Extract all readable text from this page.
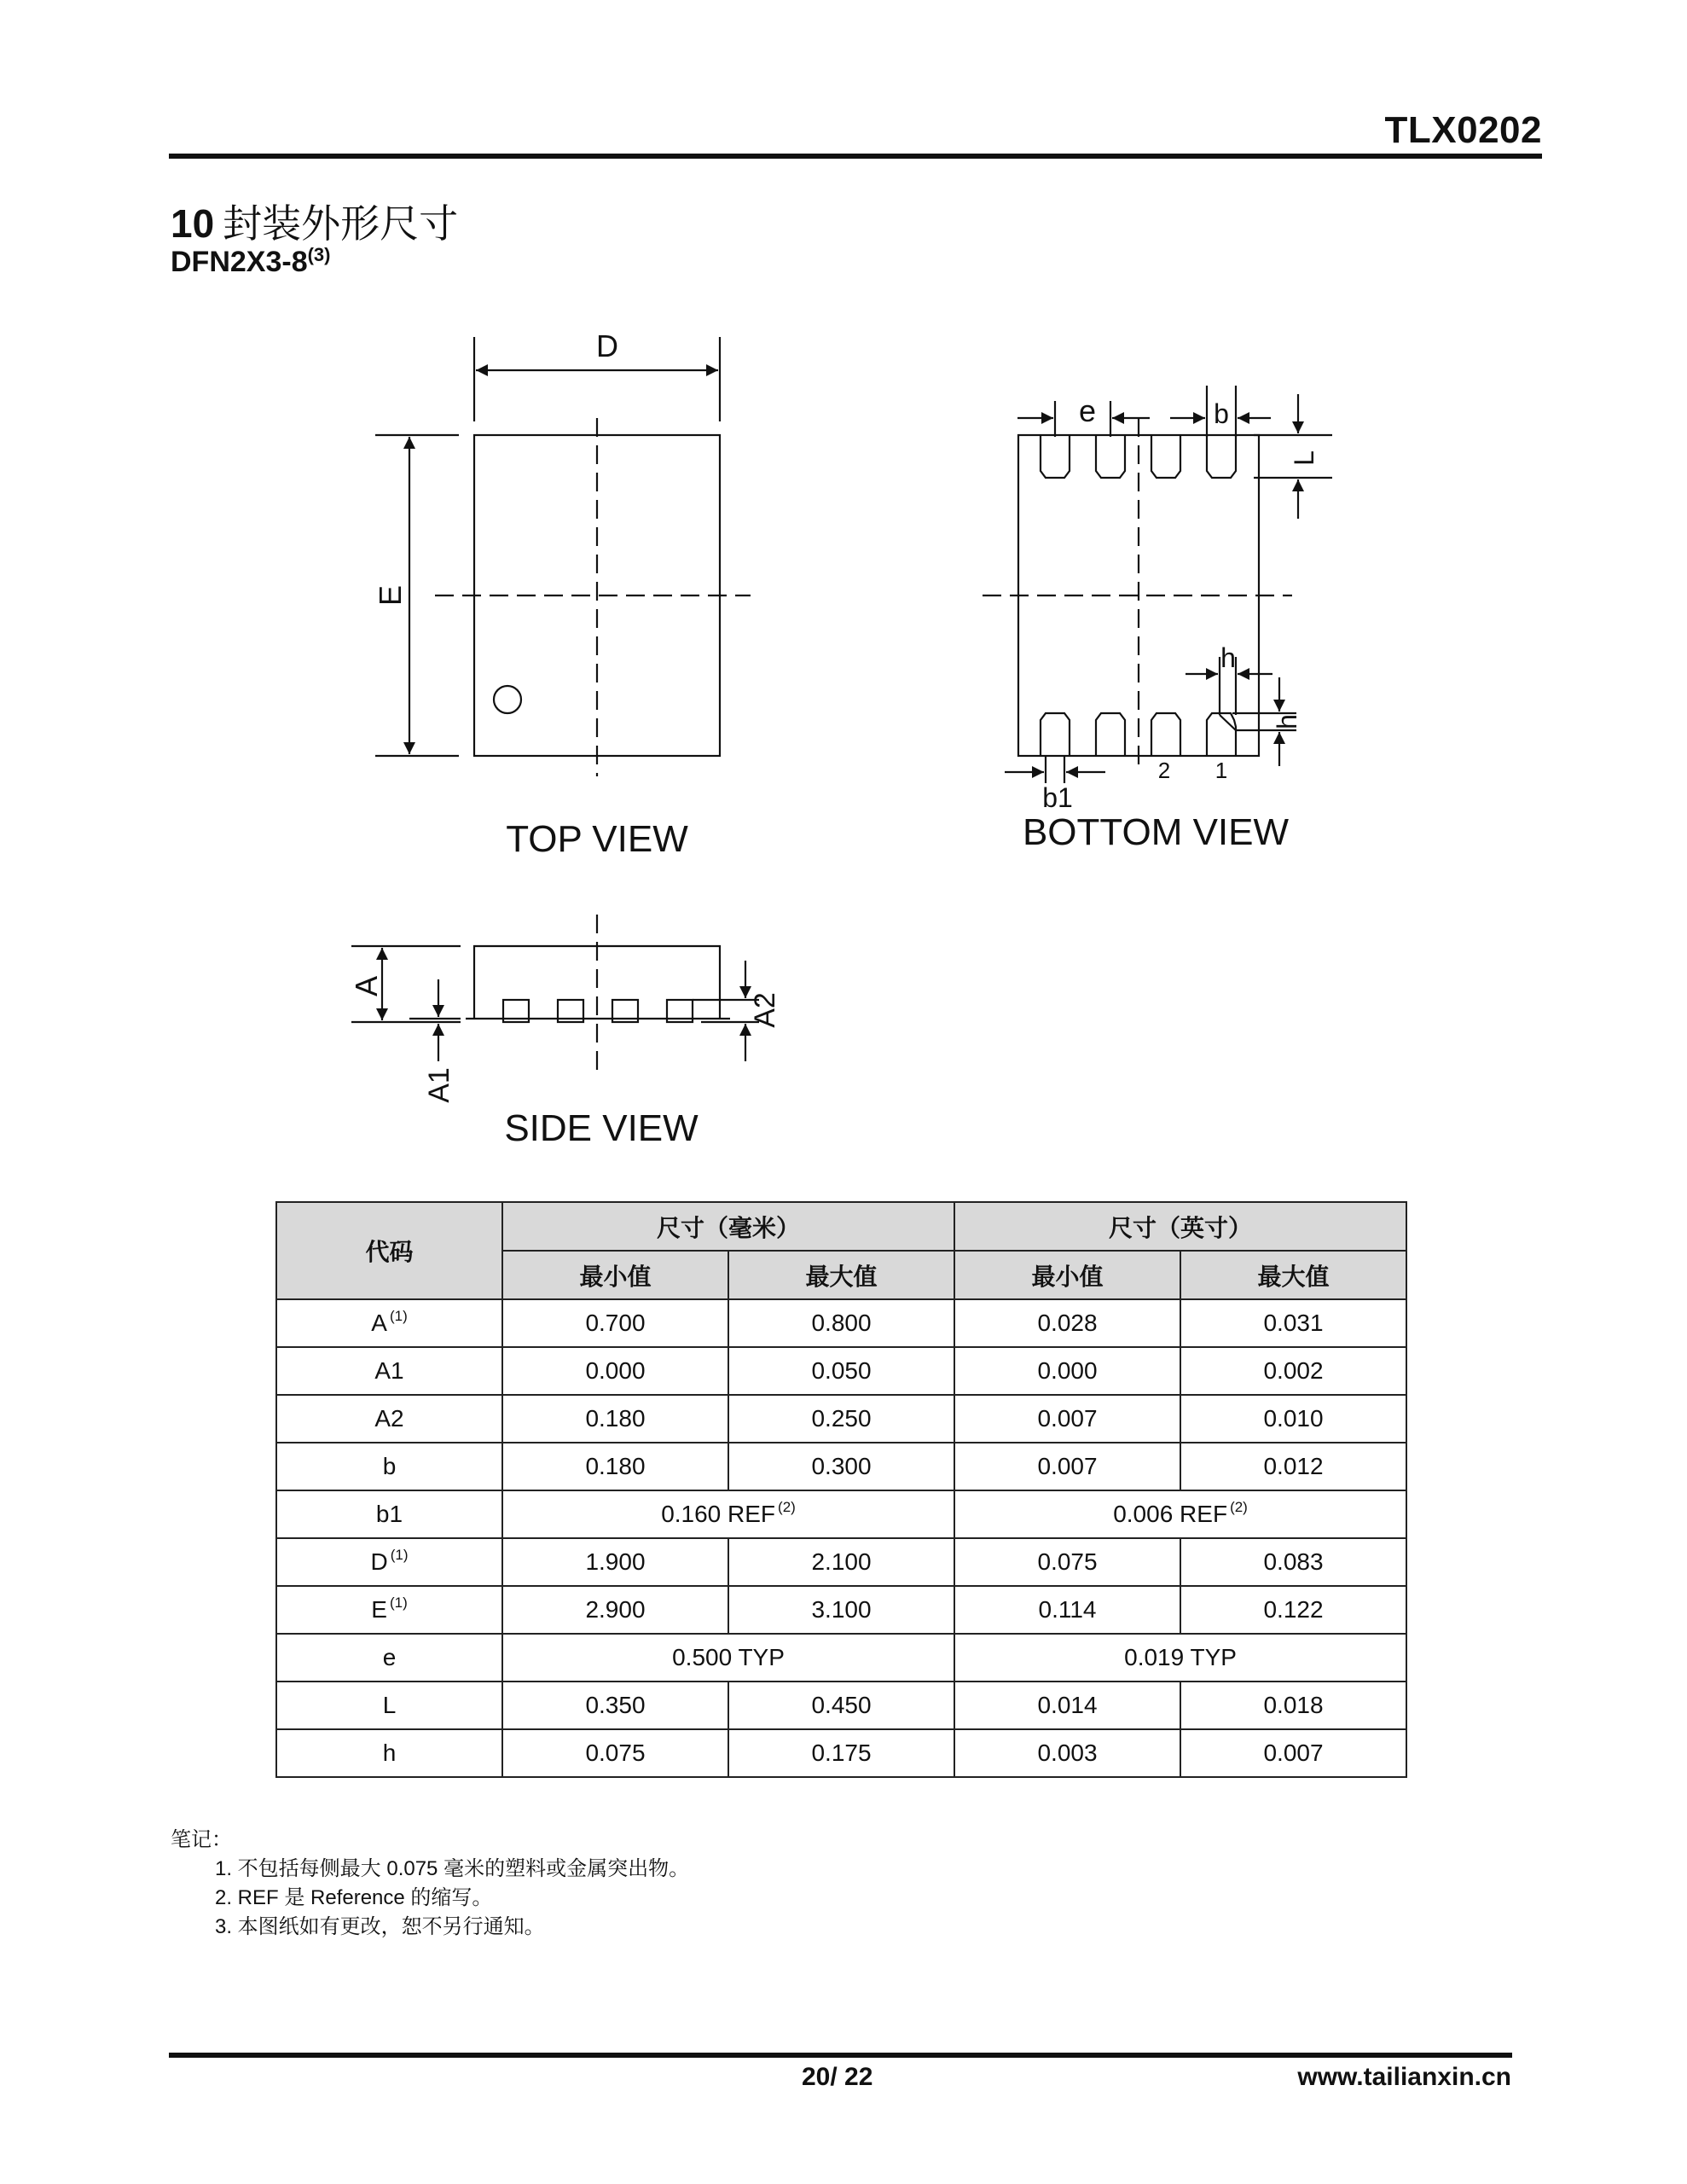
TLX0202
10 封装外形尺寸
DFN2X3-8$^{(3)}$
D
E
TOP VIEW
e	b
L
h
h
2 1
b1
BOTTOM VIEW
A
A1
A2
SIDE VIEW
代码	尺寸（毫米）		尺寸（英寸）	
	最小值	最大值	最小值	最大值
A $^{(1)}$	0.700	0.800	0.028	0.031
A1	0.000	0.050	0.000	0.002
A2	0.180	0.250	0.007	0.010
b	0.180	0.300	0.007	0.012
b1	0.160 REF $^{(2)}$		0.006 REF $^{(2)}$
D $^{(1)}$	1.900	2.100	0.075	0.083
E $^{(1)}$	2.900	3.100	0.114	0.122
e	0.500 TYP		0.019 TYP	
L	0.350	0.450	0.014	0.018
h	0.075	0.175	0.003	0.007
笔记：
1. 不包括每侧最大 0.075 毫米的塑料或金属突出物。
2. REF 是 Reference 的缩写。
3. 本图纸如有更改，恕不另行通知。
20/ 22	www.tailianxin.cn
